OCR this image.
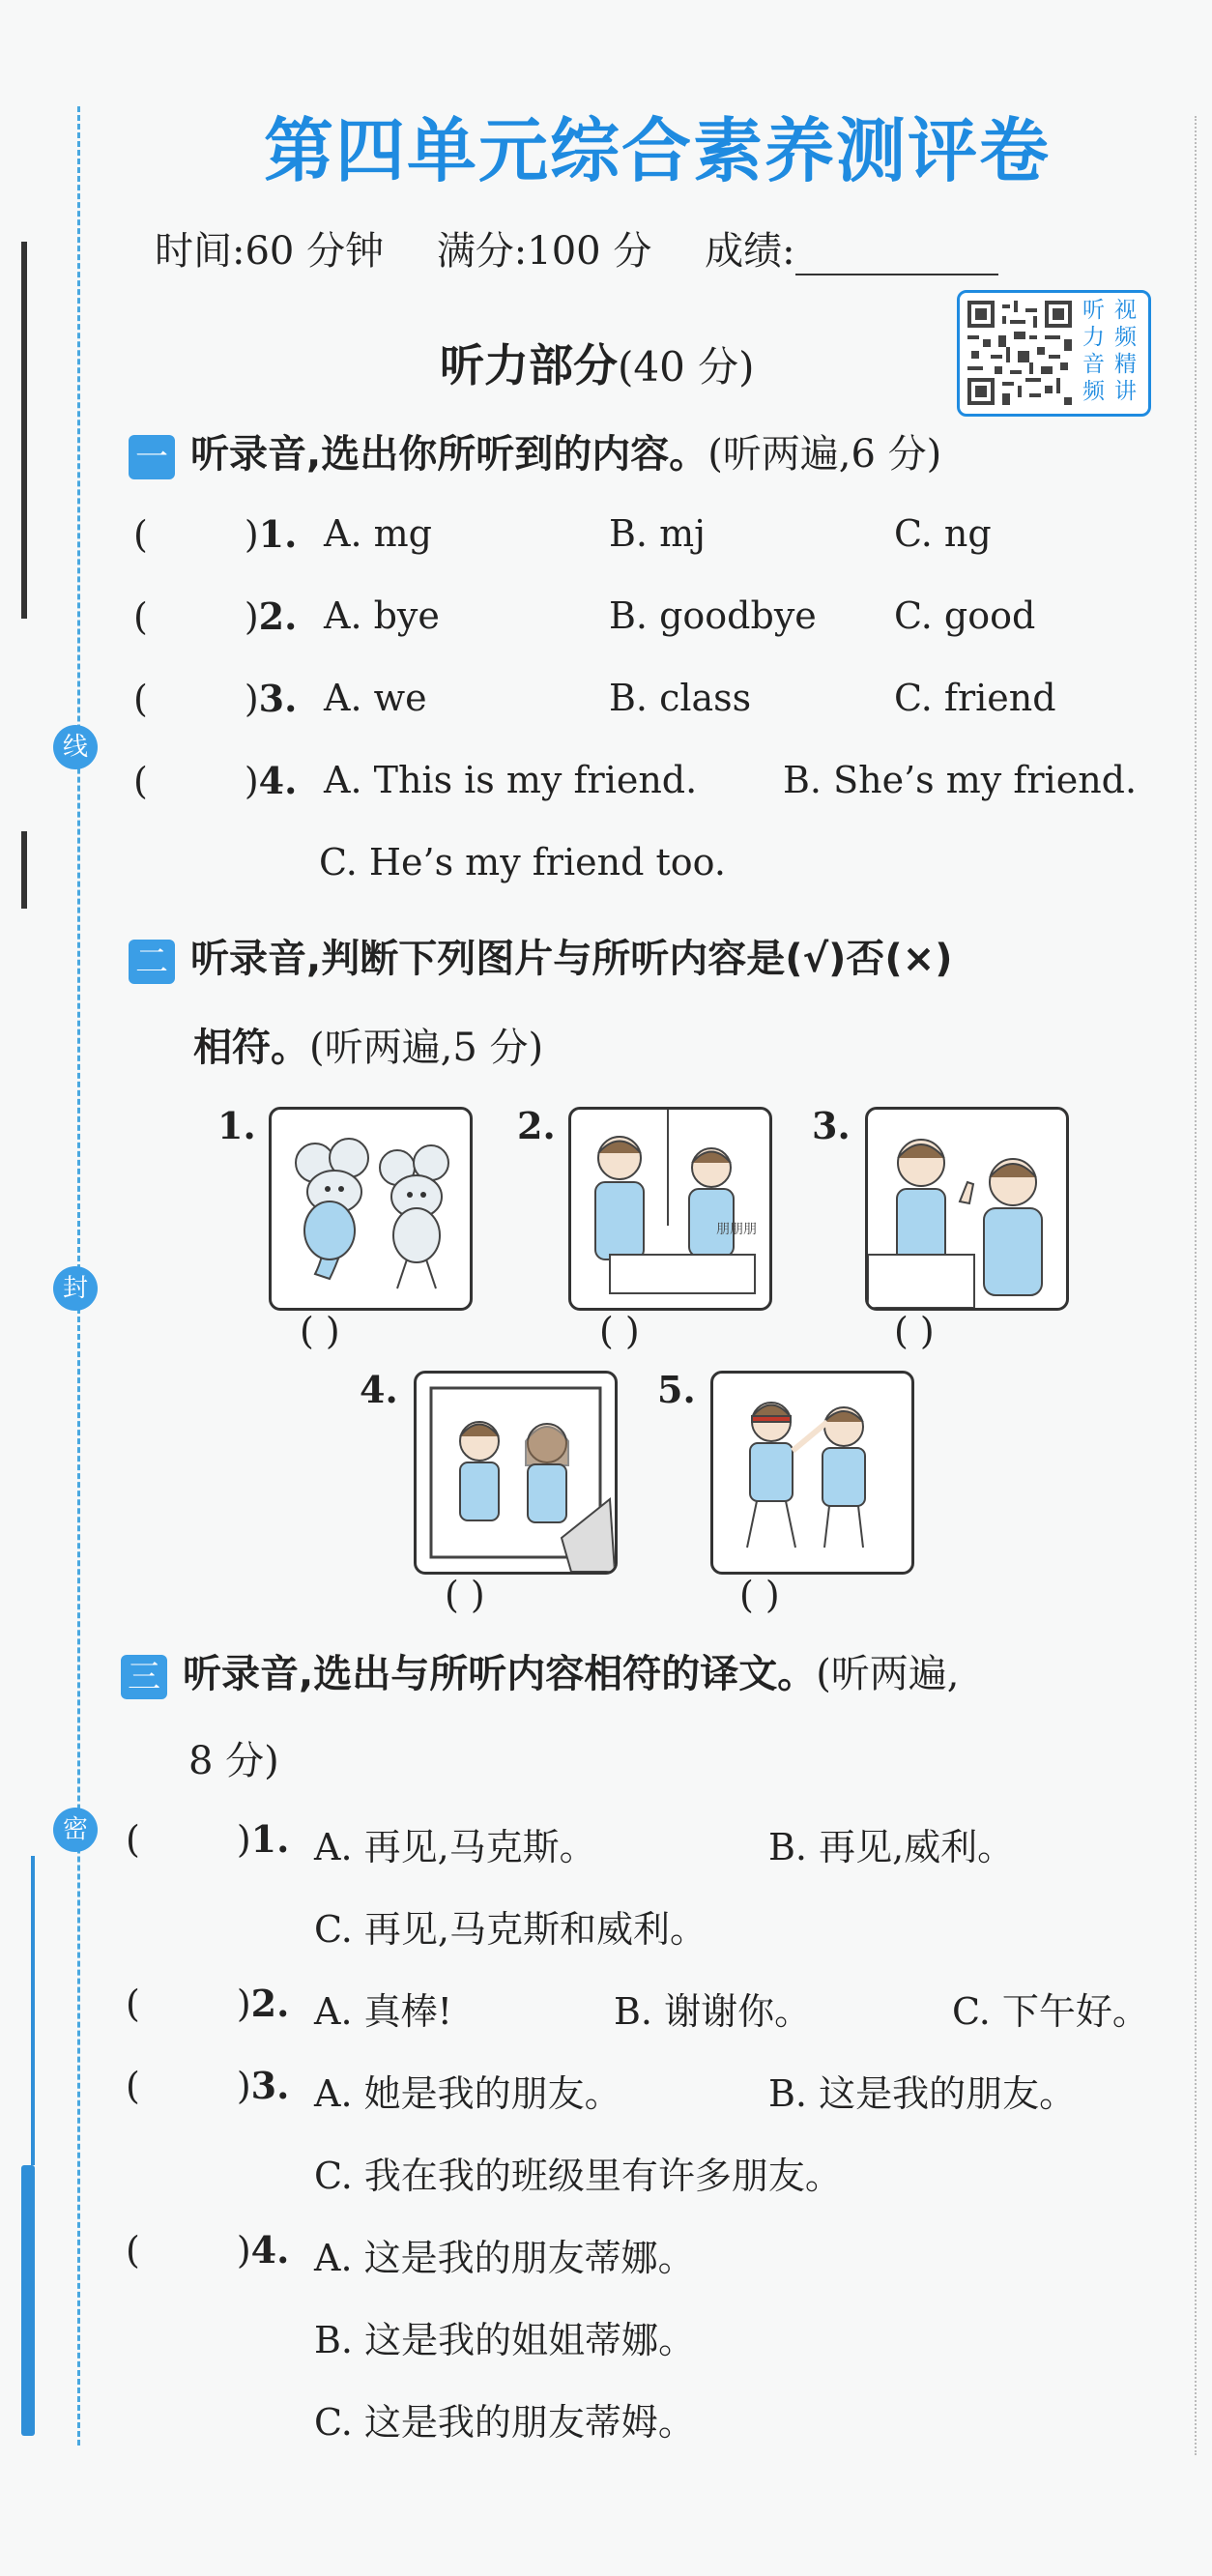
线
封
密
第四单元综合素养测评卷
时间:60 分钟 满分:100 分 成绩:
听 视
力 频
音 精
频 讲
听力部分(40 分)
一 听录音,选出你所听到的内容。(听两遍,6 分)
(	)1. A. mg	B. mj	C. ng
(	)2. A. bye	B. goodbye C. good
(	)3. A. we	B. class	C. friend
(	)4. A. This is my friend. B. She’s my friend.
C. He’s my friend too.
二 听录音,判断下列图片与所听内容是(√)否(×)
相符。(听两遍,5 分)
1.
( )
2.
朋朋朋
( )
3.
( )
4.
( )
5.
( )
三 听录音,选出与所听内容相符的译文。(听两遍,
8 分)
(	)1. A. 再见,马克斯。	B. 再见,威利。
C. 再见,马克斯和威利。
(	)2. A. 真棒!	B. 谢谢你。	C. 下午好。
(	)3. A. 她是我的朋友。	B. 这是我的朋友。
C. 我在我的班级里有许多朋友。
(	)4. A. 这是我的朋友蒂娜。
B. 这是我的姐姐蒂娜。
C. 这是我的朋友蒂姆。
